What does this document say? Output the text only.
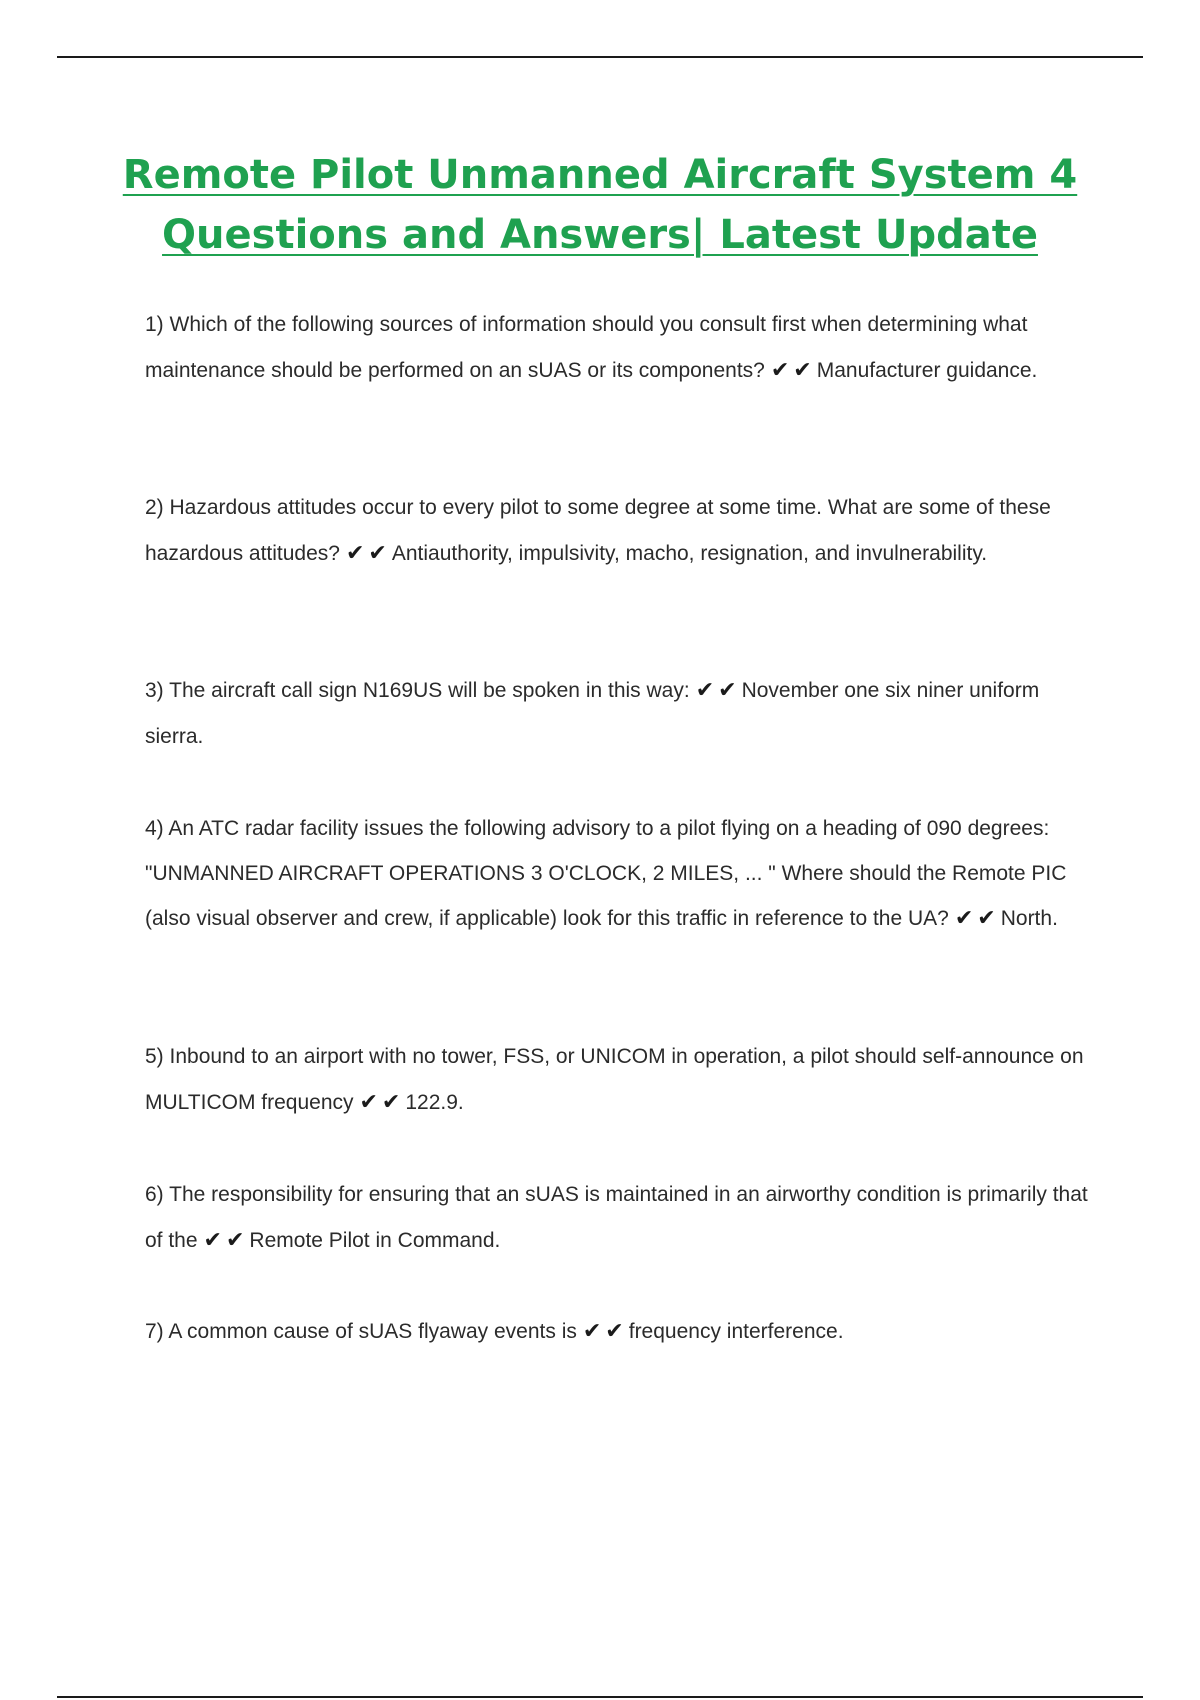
Remote Pilot Unmanned Aircraft System 4
Questions and Answers| Latest Update

1) Which of the following sources of information should you consult first when determining what maintenance should be performed on an sUAS or its components? ✔✔Manufacturer guidance.

2) Hazardous attitudes occur to every pilot to some degree at some time. What are some of these hazardous attitudes? ✔✔Antiauthority, impulsivity, macho, resignation, and invulnerability.

3) The aircraft call sign N169US will be spoken in this way: ✔✔November one six niner uniform sierra.

4) An ATC radar facility issues the following advisory to a pilot flying on a heading of 090 degrees: "UNMANNED AIRCRAFT OPERATIONS 3 O'CLOCK, 2 MILES, ... " Where should the Remote PIC (also visual observer and crew, if applicable) look for this traffic in reference to the UA? ✔✔North.

5) Inbound to an airport with no tower, FSS, or UNICOM in operation, a pilot should self-announce on MULTICOM frequency ✔✔122.9.

6) The responsibility for ensuring that an sUAS is maintained in an airworthy condition is primarily that of the ✔✔Remote Pilot in Command.

7) A common cause of sUAS flyaway events is ✔✔frequency interference.
